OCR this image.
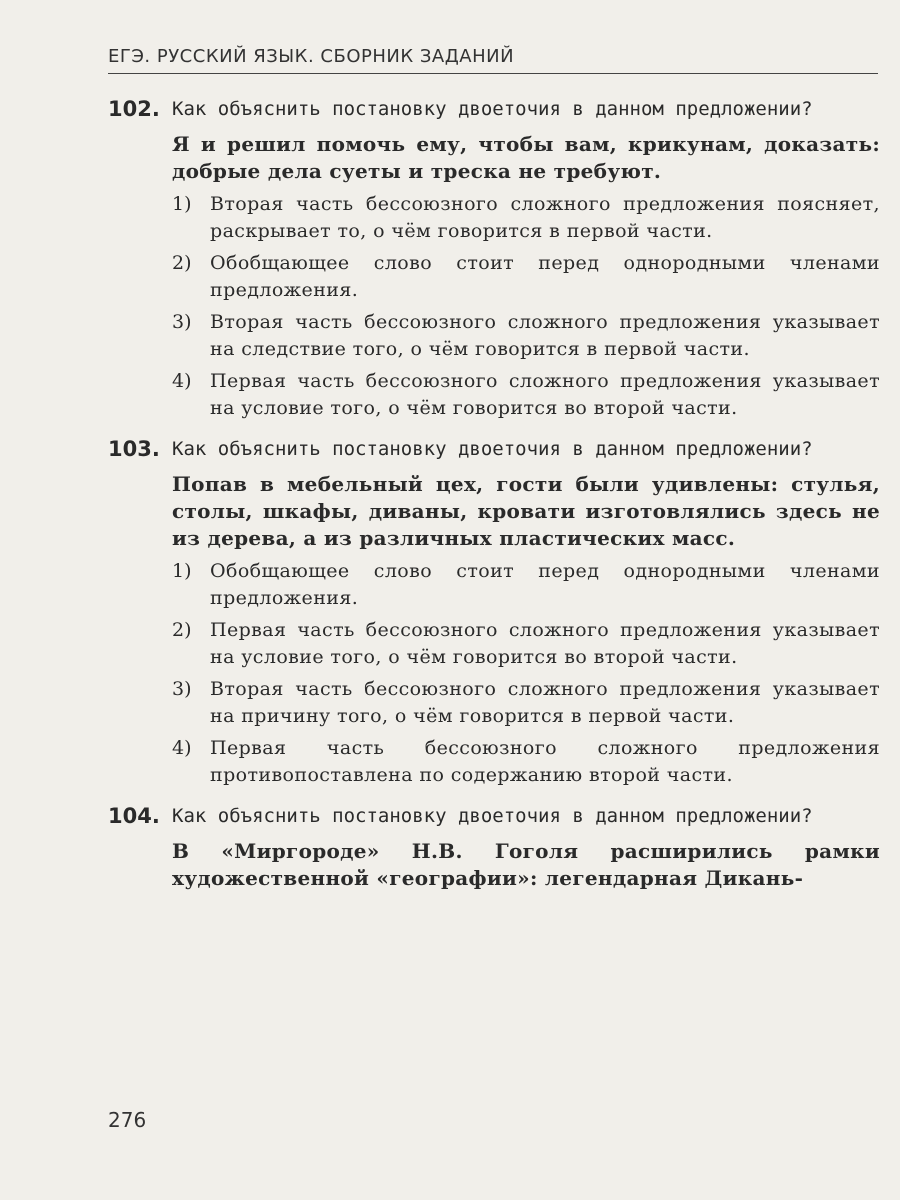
ЕГЭ. РУССКИЙ ЯЗЫК. СБОРНИК ЗАДАНИЙ
102. Как объяснить постановку двоеточия в данном предложении?
Я и решил помочь ему, чтобы вам, крикунам, доказать: добрые дела суеты и треска не требуют.
1) Вторая часть бессоюзного сложного предложения поясняет, раскрывает то, о чём говорится в первой части.
2) Обобщающее слово стоит перед однородными членами предложения.
3) Вторая часть бессоюзного сложного предложения указывает на следствие того, о чём говорится в первой части.
4) Первая часть бессоюзного сложного предложения указывает на условие того, о чём говорится во второй части.
103. Как объяснить постановку двоеточия в данном предложении?
Попав в мебельный цех, гости были удивлены: стулья, столы, шкафы, диваны, кровати изготовлялись здесь не из дерева, а из различных пластических масс.
1) Обобщающее слово стоит перед однородными членами предложения.
2) Первая часть бессоюзного сложного предложения указывает на условие того, о чём говорится во второй части.
3) Вторая часть бессоюзного сложного предложения указывает на причину того, о чём говорится в первой части.
4) Первая часть бессоюзного сложного предложения противопоставлена по содержанию второй части.
104. Как объяснить постановку двоеточия в данном предложении?
В «Миргороде» Н.В. Гоголя расширились рамки художественной «географии»: легендарная Дикань-
276
